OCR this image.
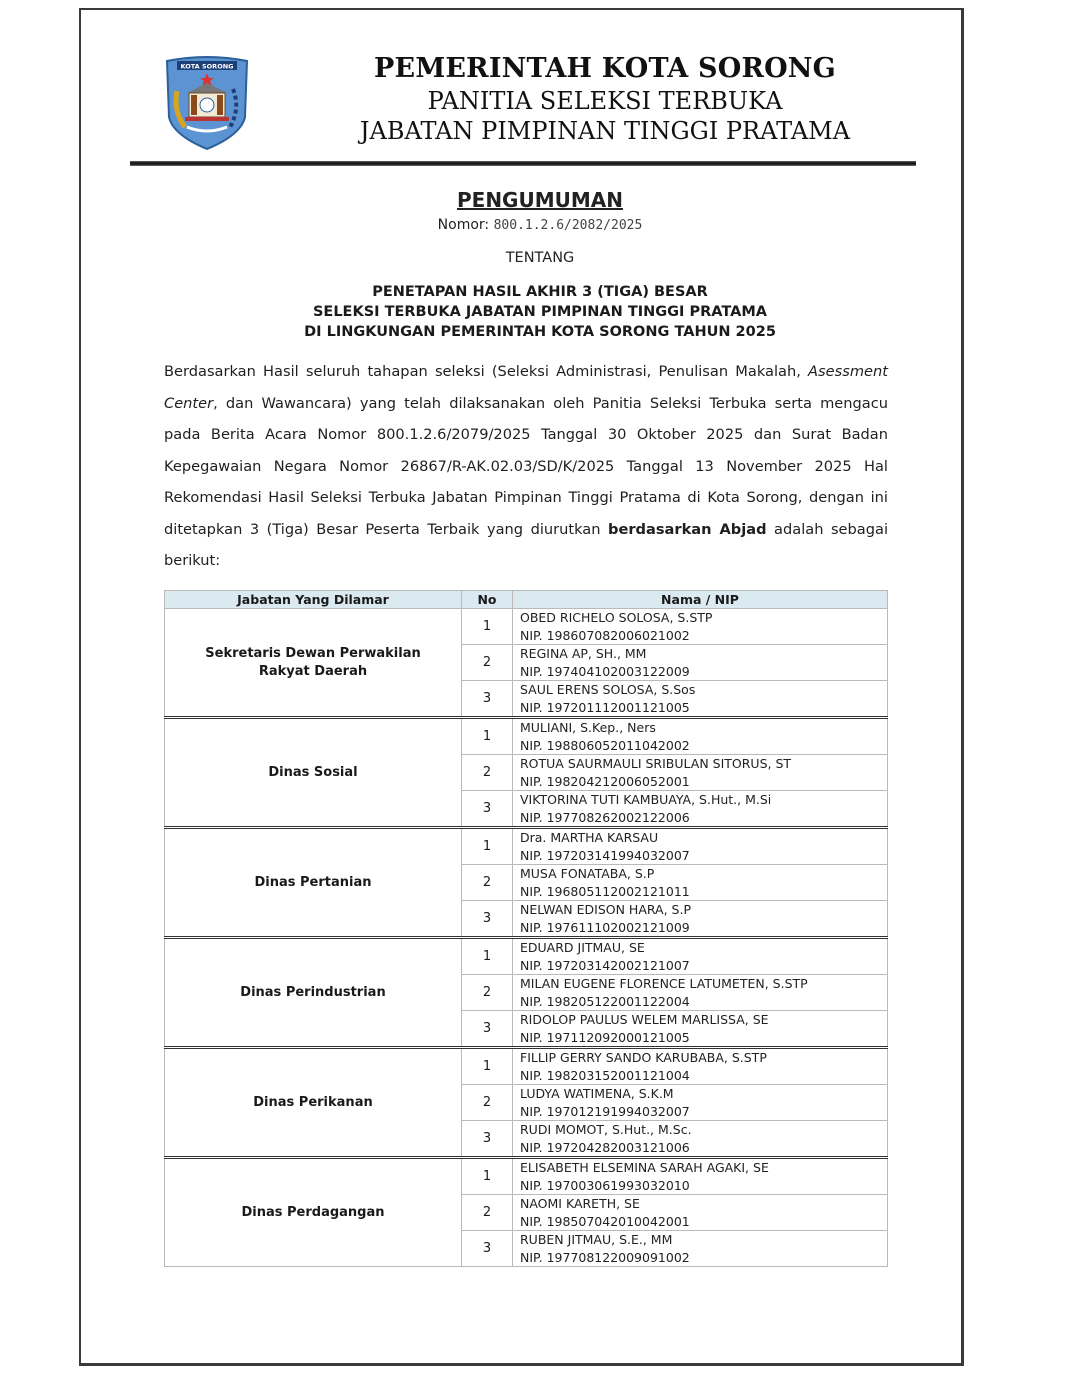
KOTA SORONG	PEMERINTAH KOTA SORONG
PANITIA SELEKSI TERBUKA
JABATAN PIMPINAN TINGGI PRATAMA
PENGUMUMAN
Nomor: 800.1.2.6/2082/2025
TENTANG
PENETAPAN HASIL AKHIR 3 (TIGA) BESAR
SELEKSI TERBUKA JABATAN PIMPINAN TINGGI PRATAMA
DI LINGKUNGAN PEMERINTAH KOTA SORONG TAHUN 2025
Berdasarkan Hasil seluruh tahapan seleksi (Seleksi Administrasi, Penulisan Makalah, Asessment Center, dan Wawancara) yang telah dilaksanakan oleh Panitia Seleksi Terbuka serta mengacu pada Berita Acara Nomor 800.1.2.6/2079/2025 Tanggal 30 Oktober 2025 dan Surat Badan Kepegawaian Negara Nomor 26867/R-AK.02.03/SD/K/2025 Tanggal 13 November 2025 Hal Rekomendasi Hasil Seleksi Terbuka Jabatan Pimpinan Tinggi Pratama di Kota Sorong, dengan ini ditetapkan 3 (Tiga) Besar Peserta Terbaik yang diurutkan berdasarkan Abjad adalah sebagai berikut:
Jabatan Yang Dilamar	No	Nama / NIP
Sekretaris Dewan Perwakilan Rakyat Daerah	1	OBED RICHELO SOLOSA, S.STP
NIP. 198607082006021002

	2	REGINA AP, SH., MM
NIP. 197404102003122009

	3	SAUL ERENS SOLOSA, S.Sos
NIP. 197201112001121005

Dinas Sosial	1	MULIANI, S.Kep., Ners
NIP. 198806052011042002

	2	ROTUA SAURMAULI SRIBULAN SITORUS, ST
NIP. 198204212006052001

	3	VIKTORINA TUTI KAMBUAYA, S.Hut., M.Si
NIP. 197708262002122006

Dinas Pertanian	1	Dra. MARTHA KARSAU
NIP. 197203141994032007

	2	MUSA FONATABA, S.P
NIP. 196805112002121011

	3	NELWAN EDISON HARA, S.P
NIP. 197611102002121009

Dinas Perindustrian	1	EDUARD JITMAU, SE
NIP. 197203142002121007

	2	MILAN EUGENE FLORENCE LATUMETEN, S.STP
NIP. 198205122001122004

	3	RIDOLOP PAULUS WELEM MARLISSA, SE
NIP. 197112092000121005

Dinas Perikanan	1	FILLIP GERRY SANDO KARUBABA, S.STP
NIP. 198203152001121004

	2	LUDYA WATIMENA, S.K.M
NIP. 197012191994032007

	3	RUDI MOMOT, S.Hut., M.Sc.
NIP. 197204282003121006

Dinas Perdagangan	1	ELISABETH ELSEMINA SARAH AGAKI, SE
NIP. 197003061993032010

	2	NAOMI KARETH, SE
NIP. 198507042010042001

	3	RUBEN JITMAU, S.E., MM
NIP. 197708122009091002
